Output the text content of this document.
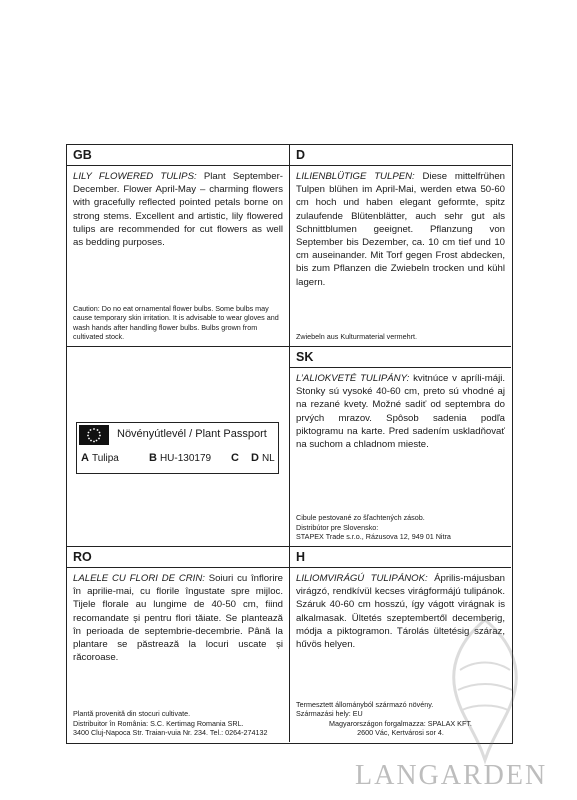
GB
LILY FLOWERED TULIPS: Plant September-December. Flower April-May – charming flowers with gracefully reflected pointed petals borne on strong stems. Excellent and artistic, lily flowered tulips are recommended for cut flowers as well as bedding purposes.
Caution: Do no eat ornamental flower bulbs. Some bulbs may cause temporary skin irritation. It is advisable to wear gloves and wash hands after handling flower bulbs. Bulbs grown from cultivated stock.
D
LILIENBLÜTIGE TULPEN: Diese mittelfrühen Tulpen blühen im April-Mai, werden etwa 50-60 cm hoch und haben elegant geformte, spitz zulaufende Blütenblätter, auch sehr gut als Schnittblumen geeignet. Pflanzung von September bis Dezember, ca. 10 cm tief und 10 cm auseinander. Mit Torf gegen Frost abdecken, bis zum Pflanzen die Zwiebeln trocken und kühl lagern.
Zwiebeln aus Kulturmaterial vermehrt.
Növényútlevél / Plant Passport
A Tulipa	B HU-130179 C D NL
SK
L’ALIOKVETÉ TULIPÁNY: kvitnúce v apríli-máji. Stonky sú vysoké 40-60 cm, preto sú vhodné aj na rezané kvety. Možné sadiť od septembra do prvých mrazov. Spôsob sadenia podľa piktogramu na karte. Pred sadením uskladňovať na suchom a chladnom mieste.
Cibule pestované zo šľachtených zásob.
Distribútor pre Slovensko:
STAPEX Trade s.r.o., Rázusova 12, 949 01 Nitra
RO
LALELE CU FLORI DE CRIN: Soiuri cu înflorire în aprilie-mai, cu florile îngustate spre mijloc. Tijele florale au lungime de 40-50 cm, fiind recomandate și pentru flori tăiate. Se plantează în perioada de septembrie-decembrie. Până la plantare se păstrează la locuri uscate și răcoroase.
Plantă provenită din stocuri cultivate.
Distribuitor în România: S.C. Kertimag Romania SRL.
3400 Cluj-Napoca Str. Traian-vuia Nr. 234. Tel.: 0264-274132
H
LILIOMVIRÁGÚ TULIPÁNOK: Április-májusban virágzó, rendkívül kecses virágformájú tulipánok. Száruk 40-60 cm hosszú, így vágott virágnak is alkalmasak. Ültetés szeptembertől decemberig, módja a piktogramon. Tárolás ültetésig száraz, hűvös helyen.
Termesztett állományból származó növény.
Származási hely: EU
Magyarországon forgalmazza: SPALAX KFT.
2600 Vác, Kertvárosi sor 4.
LANGARDEN
